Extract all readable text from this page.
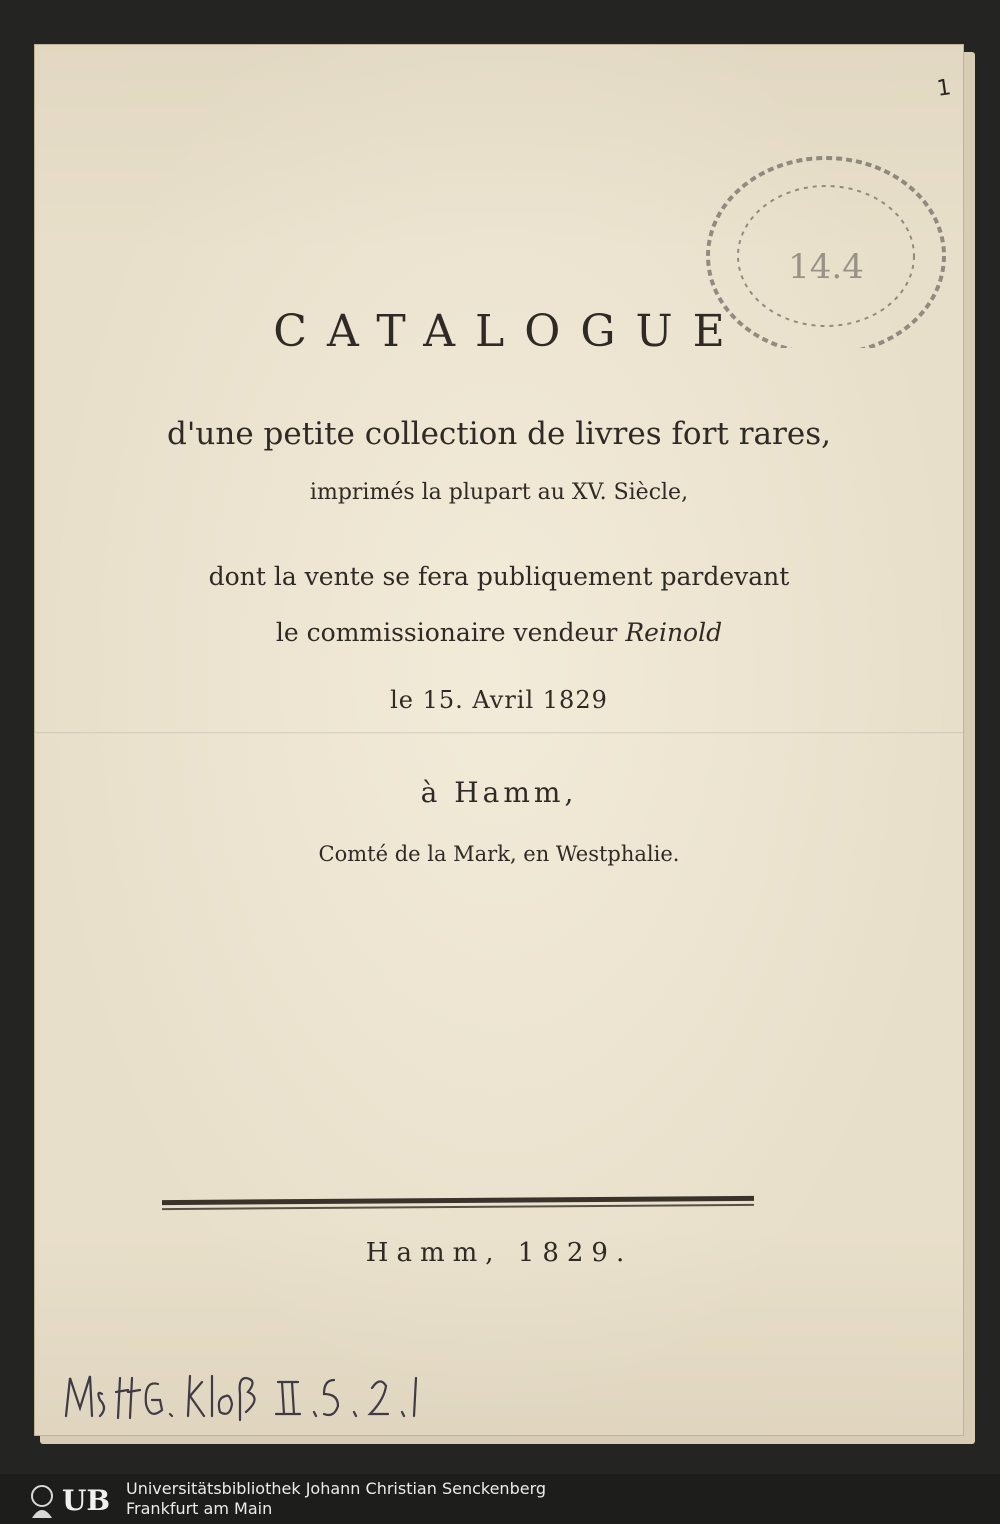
1
14.4
CATALOGUE
d'une petite collection de livres fort rares,
imprimés la plupart au XV. Siècle,
dont la vente se fera publiquement pardevant
le commissionaire vendeur Reinold
le 15. Avril 1829
à Hamm,
Comté de la Mark, en Westphalie.
Hamm, 1829.
UB Universitätsbibliothek Johann Christian Senckenberg
Frankfurt am Main
